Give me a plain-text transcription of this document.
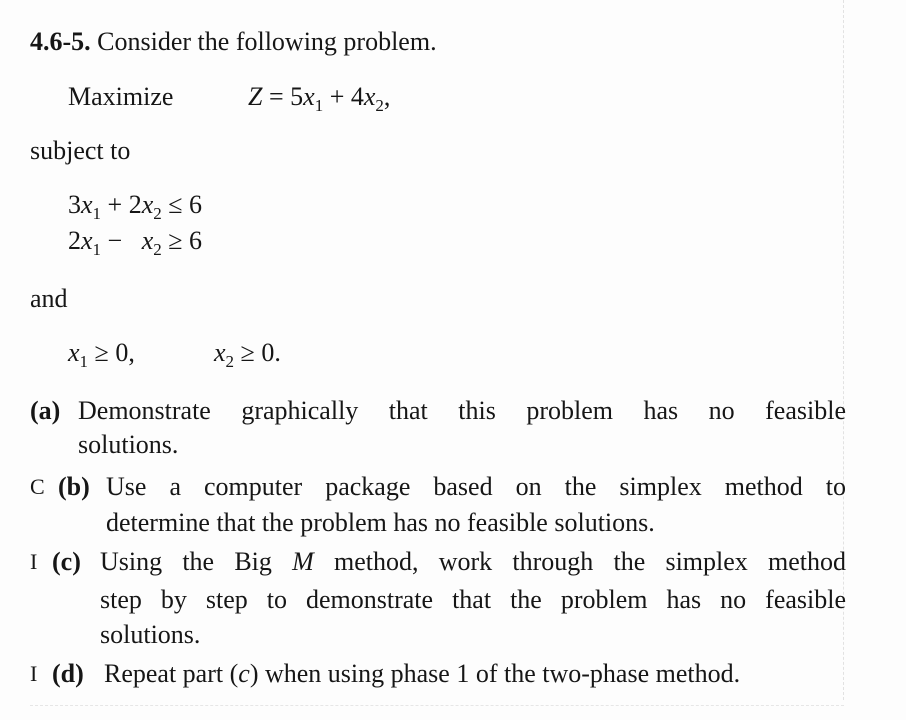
4.6-5. Consider the following problem.
Maximize	$Z = 5x_1 + 4x_2$,
subject to
$3x_1 + 2x_2 \le 6$
$2x_1 - x_2 \ge 6$
and
$x_1 \ge 0$,	$x_2 \ge 0$.
(a) Demonstrate graphically that this problem has no feasible
solutions.
C (b) Use a computer package based on the simplex method to
determine that the problem has no feasible solutions.
I (c) Using the Big M method, work through the simplex method
step by step to demonstrate that the problem has no feasible
solutions.
I (d) Repeat part (c) when using phase 1 of the two-phase method.
